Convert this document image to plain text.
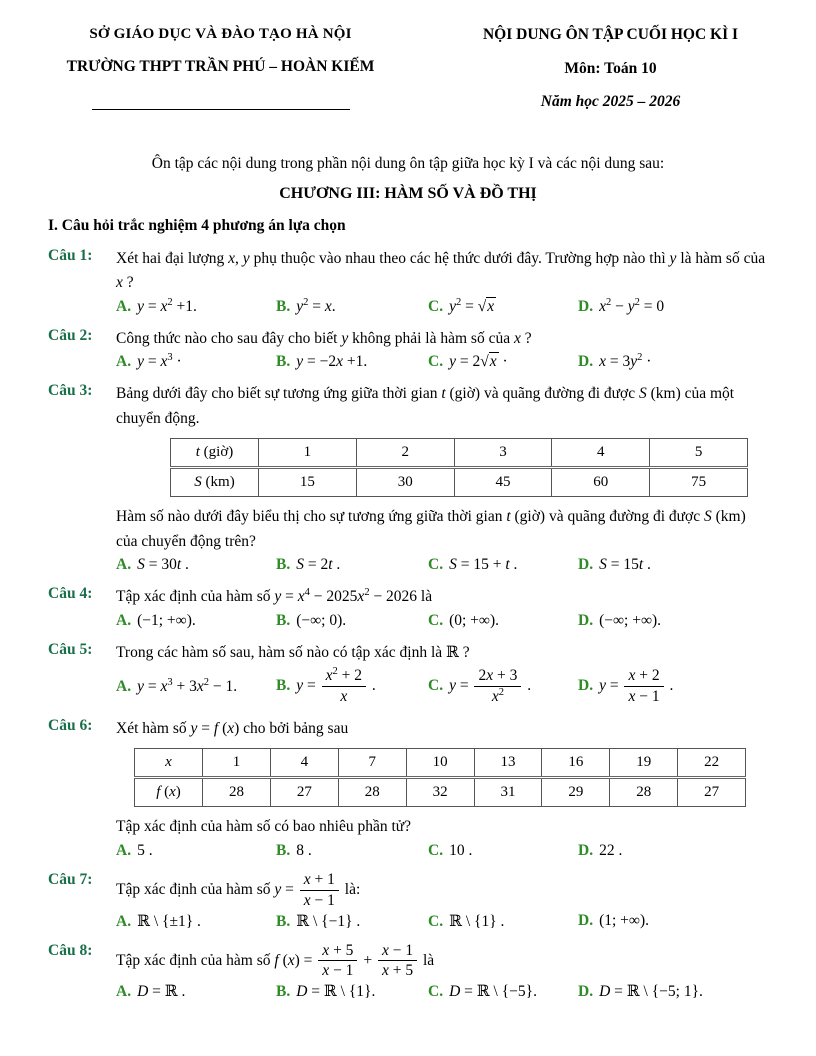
SỞ GIÁO DỤC VÀ ĐÀO TẠO HÀ NỘI
TRƯỜNG THPT TRẦN PHÚ – HOÀN KIẾM
NỘI DUNG ÔN TẬP CUỐI HỌC KÌ I
Môn: Toán 10
Năm học 2025 – 2026
Ôn tập các nội dung trong phần nội dung ôn tập giữa học kỳ I và các nội dung sau:
CHƯƠNG III: HÀM SỐ VÀ ĐỒ THỊ
I. Câu hỏi trắc nghiệm 4 phương án lựa chọn
Câu 1:	Xét hai đại lượng x, y phụ thuộc vào nhau theo các hệ thức dưới đây. Trường hợp nào thì y là hàm số của x ?
A. $y = x^2 +1$.	B. $y^2 = x$.	C. $y^2 = √x$	D. $x^2 - y^2 = 0$
Câu 2:	Công thức nào cho sau đây cho biết y không phải là hàm số của x ?
A. $y = x^3$ ·	B. y = −2x +1.	C. y = 2√x ·	D. $x = 3y^2$ ·
Câu 3:	Bảng dưới đây cho biết sự tương ứng giữa thời gian t (giờ) và quãng đường đi được S (km) của một chuyển động.
t (giờ)	1	2	3	4	5
S (km)	15	30	45	60	75
Hàm số nào dưới đây biểu thị cho sự tương ứng giữa thời gian t (giờ) và quãng đường đi được S (km) của chuyển động trên?
A. S = 30t .	B. S = 2t .	C. S = 15 + t .	D. S = 15t .
Câu 4:	Tập xác định của hàm số $y = x^4 - 2025x^2 - 2026$ là
A. (−1; +∞).	B. (−∞; 0).	C. (0; +∞).	D. (−∞; +∞).
Câu 5:	Trong các hàm số sau, hàm số nào có tập xác định là ℝ ?
A. $y = x^3 + 3x^2 - 1$.	B. $y = \frac{x^2 + 2}{x}$ .	C. $y = \frac{2x + 3}{x^2}$ .	D. $y = \frac{x + 2}{x - 1}$ .
Câu 6:	Xét hàm số y = f (x) cho bởi bảng sau
x	1	4	7	10	13	16	19	22
f (x)	28	27	28	32	31	29	28	27
Tập xác định của hàm số có bao nhiêu phần tử?
A. 5 .	B. 8 .	C. 10 .	D. 22 .
Câu 7:
Tập xác định của hàm số $y = \frac{x + 1}{x - 1}$ là:
A. ℝ \ {±1} .	B. ℝ \ {−1} .	C. ℝ \ {1} .	D. (1; +∞).
Câu 8:
Tập xác định của hàm số f $(x) = \frac{x + 5}{x - 1} + \frac{x - 1}{x + 5}$ là
A. D = ℝ .	B. D = ℝ \ {1}.	C. D = ℝ \ {−5}.	D. D = ℝ \ {−5; 1}.
